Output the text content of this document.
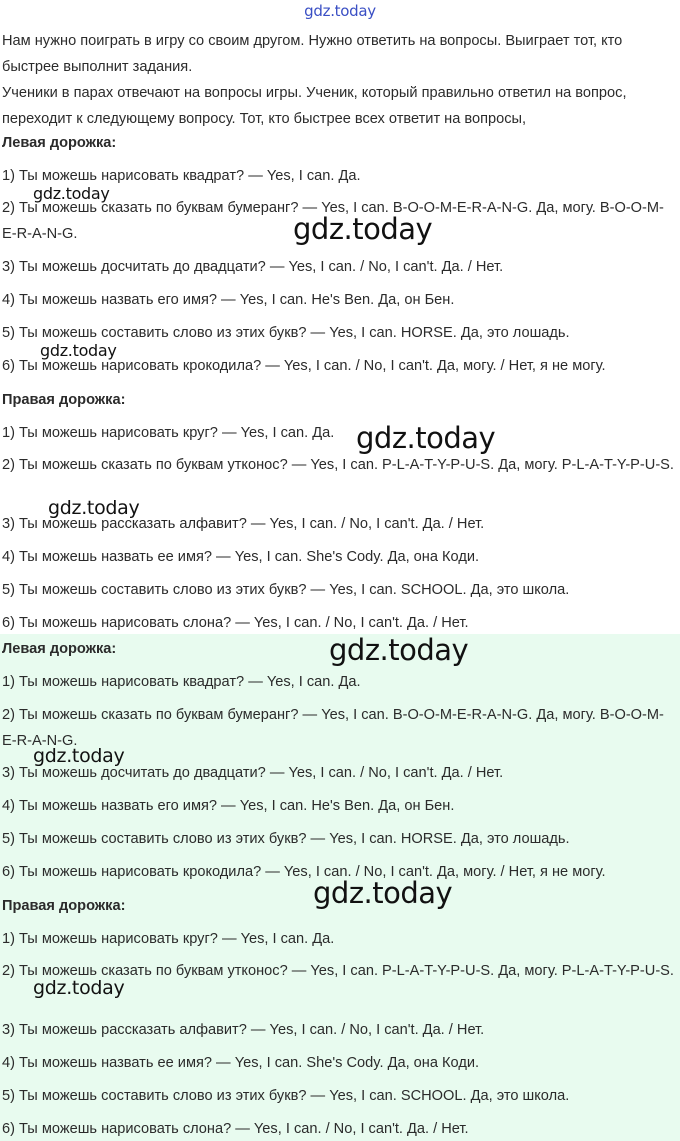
gdz.today

Нам нужно поиграть в игру со своим другом. Нужно ответить на вопросы. Выиграет тот, кто быстрее выполнит задания.

Ученики в парах отвечают на вопросы игры. Ученик, который правильно ответил на вопрос, переходит к следующему вопросу. Тот, кто быстрее всех ответит на вопросы,

Левая дорожка:
1) Ты можешь нарисовать квадрат? — Yes, I can. Да.
2) Ты можешь сказать по буквам бумеранг? — Yes, I can. B-O-O-M-E-R-A-N-G. Да, могу. B-O-O-M-E-R-A-N-G.
3) Ты можешь досчитать до двадцати? — Yes, I can. / No, I can't. Да. / Нет.
4) Ты можешь назвать его имя? — Yes, I can. He's Ben. Да, он Бен.
5) Ты можешь составить слово из этих букв? — Yes, I can. HORSE. Да, это лошадь.
6) Ты можешь нарисовать крокодила? — Yes, I can. / No, I can't. Да, могу. / Нет, я не могу.
Правая дорожка:
1) Ты можешь нарисовать круг? — Yes, I can. Да.
2) Ты можешь сказать по буквам утконос? — Yes, I can. P-L-A-T-Y-P-U-S. Да, могу. P-L-A-T-Y-P-U-S.
3) Ты можешь рассказать алфавит? — Yes, I can. / No, I can't. Да. / Нет.
4) Ты можешь назвать ее имя? — Yes, I can. She's Cody. Да, она Коди.
5) Ты можешь составить слово из этих букв? — Yes, I can. SCHOOL. Да, это школа.
6) Ты можешь нарисовать слона? — Yes, I can. / No, I can't. Да. / Нет.
Левая дорожка:
1) Ты можешь нарисовать квадрат? — Yes, I can. Да.
2) Ты можешь сказать по буквам бумеранг? — Yes, I can. B-O-O-M-E-R-A-N-G. Да, могу. B-O-O-M-E-R-A-N-G.
3) Ты можешь досчитать до двадцати? — Yes, I can. / No, I can't. Да. / Нет.
4) Ты можешь назвать его имя? — Yes, I can. He's Ben. Да, он Бен.
5) Ты можешь составить слово из этих букв? — Yes, I can. HORSE. Да, это лошадь.
6) Ты можешь нарисовать крокодила? — Yes, I can. / No, I can't. Да, могу. / Нет, я не могу.
Правая дорожка:
1) Ты можешь нарисовать круг? — Yes, I can. Да.
2) Ты можешь сказать по буквам утконос? — Yes, I can. P-L-A-T-Y-P-U-S. Да, могу. P-L-A-T-Y-P-U-S.
3) Ты можешь рассказать алфавит? — Yes, I can. / No, I can't. Да. / Нет.
4) Ты можешь назвать ее имя? — Yes, I can. She's Cody. Да, она Коди.
5) Ты можешь составить слово из этих букв? — Yes, I can. SCHOOL. Да, это школа.
6) Ты можешь нарисовать слона? — Yes, I can. / No, I can't. Да. / Нет.
gdz.today
gdz.today
gdz.today
gdz.today
gdz.today
gdz.today
gdz.today
gdz.today
gdz.today
